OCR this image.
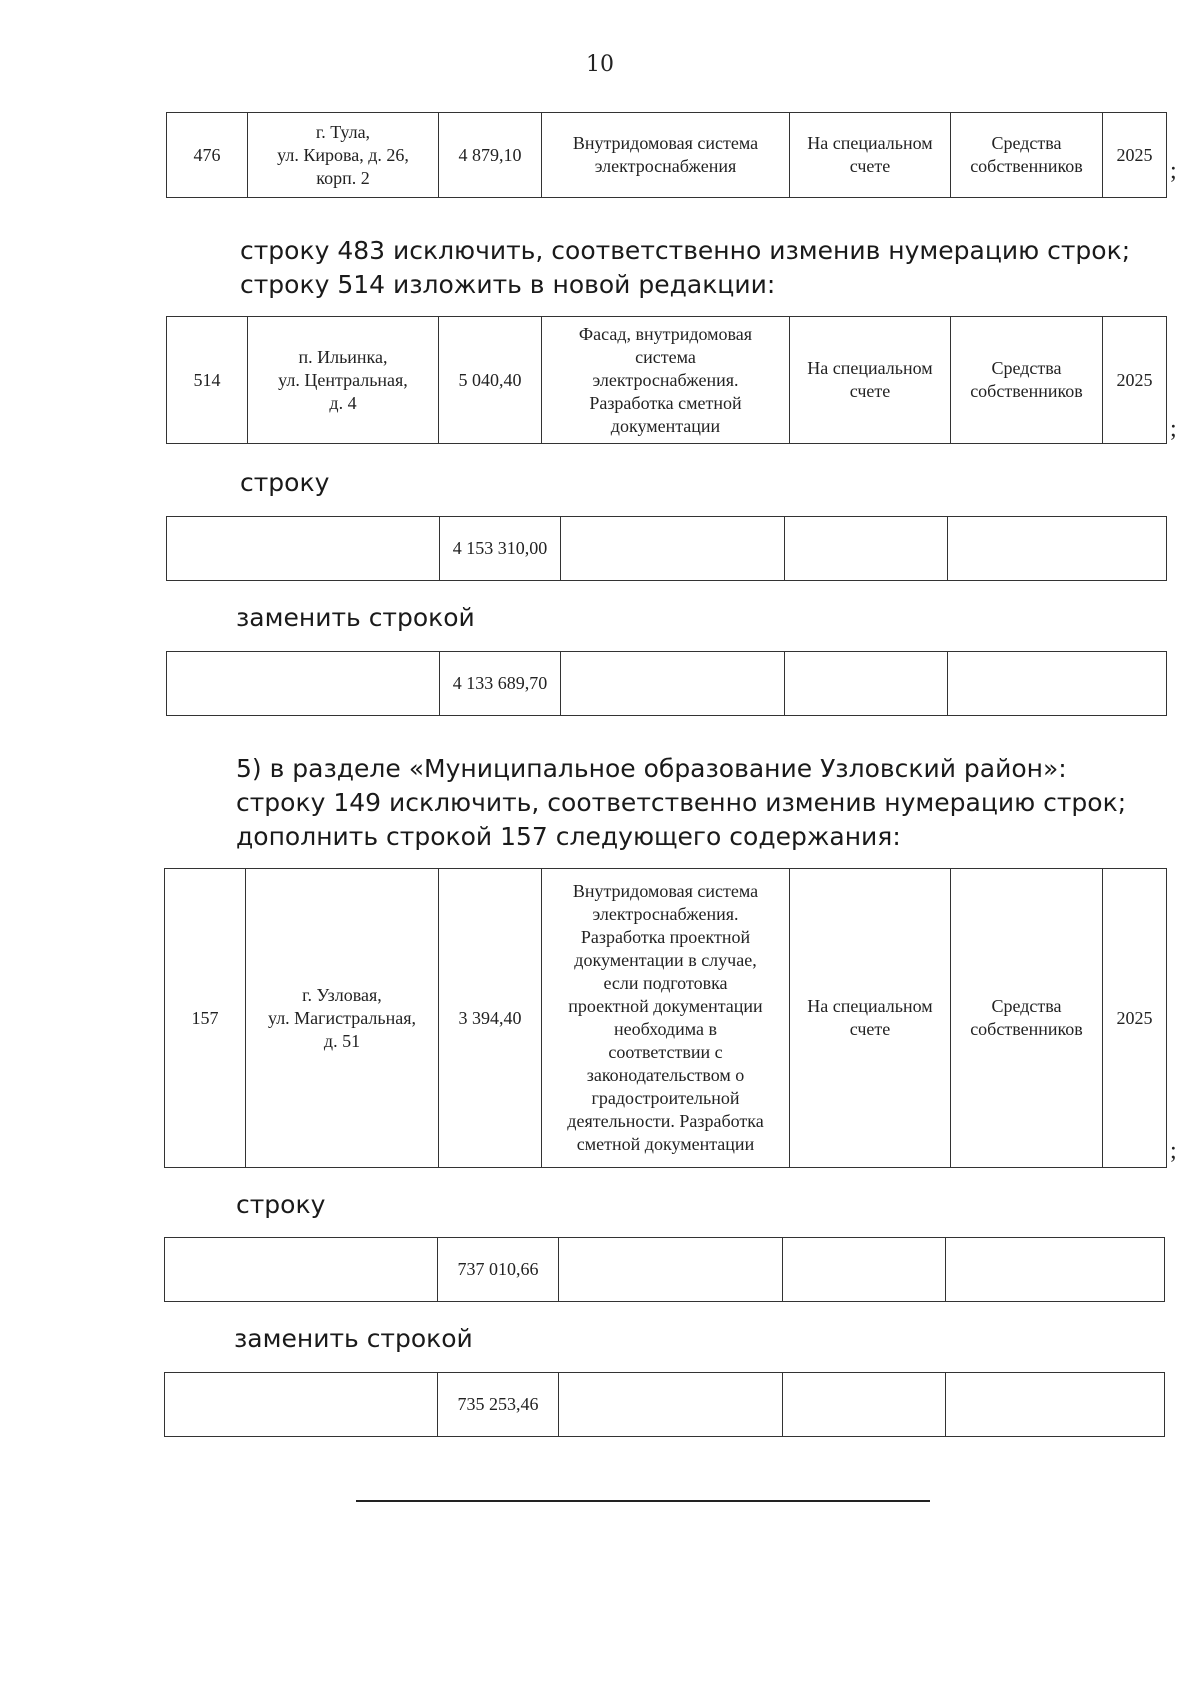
10
476	г. Тула,
ул. Кирова, д. 26,
корп. 2	4 879,10	Внутридомовая система
электроснабжения	На специальном
счете	Средства
собственников	2025
;
строку 483 исключить, соответственно изменив нумерацию строк;
строку 514 изложить в новой редакции:
514	п. Ильинка,
ул. Центральная,
д. 4	5 040,40	Фасад, внутридомовая
система
электроснабжения.
Разработка сметной
документации	На специальном
счете	Средства
собственников	2025
;
строку
	4 153 310,00			
заменить строкой
	4 133 689,70			
5) в разделе «Муниципальное образование Узловский район»:
строку 149 исключить, соответственно изменив нумерацию строк;
дополнить строкой 157 следующего содержания:
157	г. Узловая,
ул. Магистральная,
д. 51	3 394,40	Внутридомовая система
электроснабжения.
Разработка проектной
документации в случае,
если подготовка
проектной документации
необходима в
соответствии с
законодательством о
градостроительной
деятельности. Разработка
сметной документации	На специальном
счете	Средства
собственников	2025
;
строку
	737 010,66			
заменить строкой
	735 253,46			
